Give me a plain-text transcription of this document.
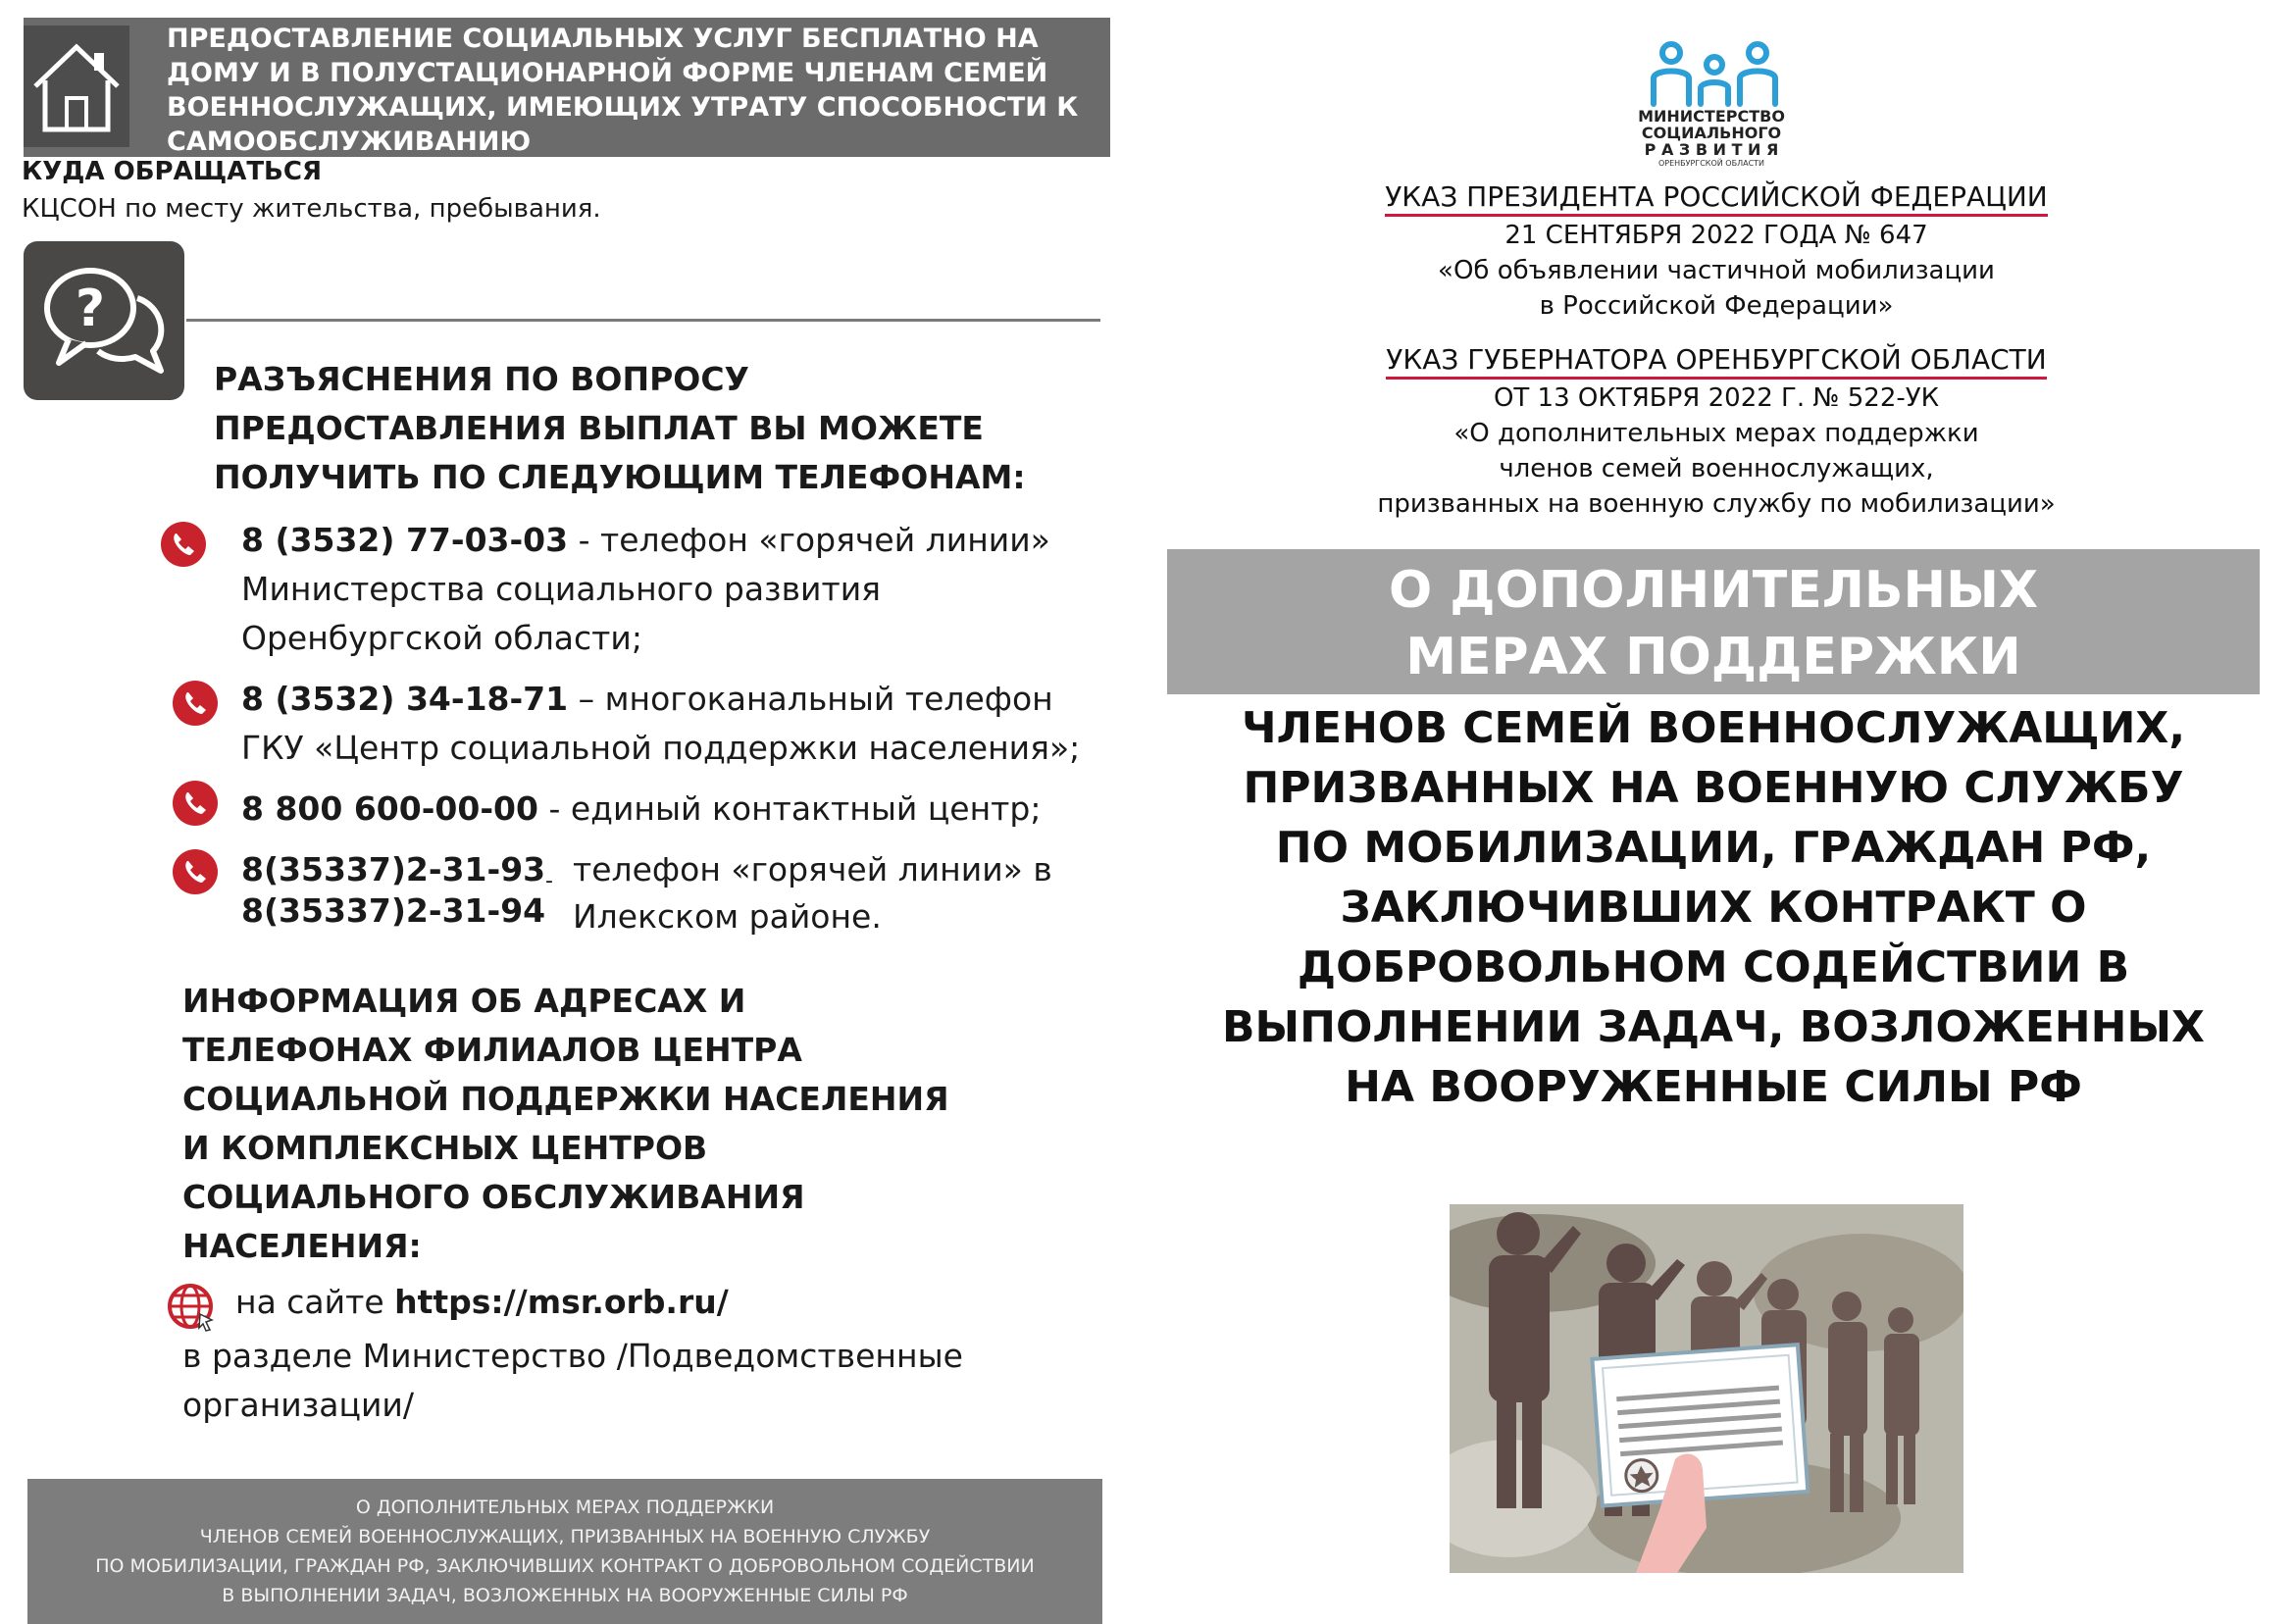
ПРЕДОСТАВЛЕНИЕ СОЦИАЛЬНЫХ УСЛУГ БЕСПЛАТНО НА ДОМУ И В ПОЛУСТАЦИОНАРНОЙ ФОРМЕ ЧЛЕНАМ СЕМЕЙ ВОЕННОСЛУЖАЩИХ, ИМЕЮЩИХ УТРАТУ СПОСОБНОСТИ К САМООБСЛУЖИВАНИЮ
КУДА ОБРАЩАТЬСЯ
КЦСОН по месту жительства, пребывания.
?
РАЗЪЯСНЕНИЯ ПО ВОПРОСУ ПРЕДОСТАВЛЕНИЯ ВЫПЛАТ ВЫ МОЖЕТЕ ПОЛУЧИТЬ ПО СЛЕДУЮЩИМ ТЕЛЕФОНАМ:
8 (3532) 77-03-03 - телефон «горячей линии»
Министерства социального развития
Оренбургской области;
8 (3532) 34-18-71 – многоканальный телефон
ГКУ «Центр социальной поддержки населения»;
8 800 600-00-00 - единый контактный центр;
8(35337)2-31-93
8(35337)2-31-94
- телефон «горячей линии» в
Илекском районе.
ИНФОРМАЦИЯ ОБ АДРЕСАХ И ТЕЛЕФОНАХ ФИЛИАЛОВ ЦЕНТРА СОЦИАЛЬНОЙ ПОДДЕРЖКИ НАСЕЛЕНИЯ И КОМПЛЕКСНЫХ ЦЕНТРОВ СОЦИАЛЬНОГО ОБСЛУЖИВАНИЯ НАСЕЛЕНИЯ:
на сайте https://msr.orb.ru/
в разделе Министерство /Подведомственные организации/
О ДОПОЛНИТЕЛЬНЫХ МЕРАХ ПОДДЕРЖКИ
ЧЛЕНОВ СЕМЕЙ ВОЕННОСЛУЖАЩИХ, ПРИЗВАННЫХ НА ВОЕННУЮ СЛУЖБУ
ПО МОБИЛИЗАЦИИ, ГРАЖДАН РФ, ЗАКЛЮЧИВШИХ КОНТРАКТ О ДОБРОВОЛЬНОМ СОДЕЙСТВИИ
В ВЫПОЛНЕНИИ ЗАДАЧ, ВОЗЛОЖЕННЫХ НА ВООРУЖЕННЫЕ СИЛЫ РФ
МИНИСТЕРСТВО
СОЦИАЛЬНОГО
Р А З В И Т И Я
ОРЕНБУРГСКОЙ ОБЛАСТИ
УКАЗ ПРЕЗИДЕНТА РОССИЙСКОЙ ФЕДЕРАЦИИ
21 СЕНТЯБРЯ 2022 ГОДА № 647
«Об объявлении частичной мобилизации
в Российской Федерации»
УКАЗ ГУБЕРНАТОРА ОРЕНБУРГСКОЙ ОБЛАСТИ
ОТ 13 ОКТЯБРЯ 2022 Г. № 522-УК
«О дополнительных мерах поддержки
членов семей военнослужащих,
призванных на военную службу по мобилизации»
О ДОПОЛНИТЕЛЬНЫХ
МЕРАХ ПОДДЕРЖКИ
ЧЛЕНОВ СЕМЕЙ ВОЕННОСЛУЖАЩИХ, ПРИЗВАННЫХ НА ВОЕННУЮ СЛУЖБУ ПО МОБИЛИЗАЦИИ, ГРАЖДАН РФ, ЗАКЛЮЧИВШИХ КОНТРАКТ О ДОБРОВОЛЬНОМ СОДЕЙСТВИИ В ВЫПОЛНЕНИИ ЗАДАЧ, ВОЗЛОЖЕННЫХ НА ВООРУЖЕННЫЕ СИЛЫ РФ
